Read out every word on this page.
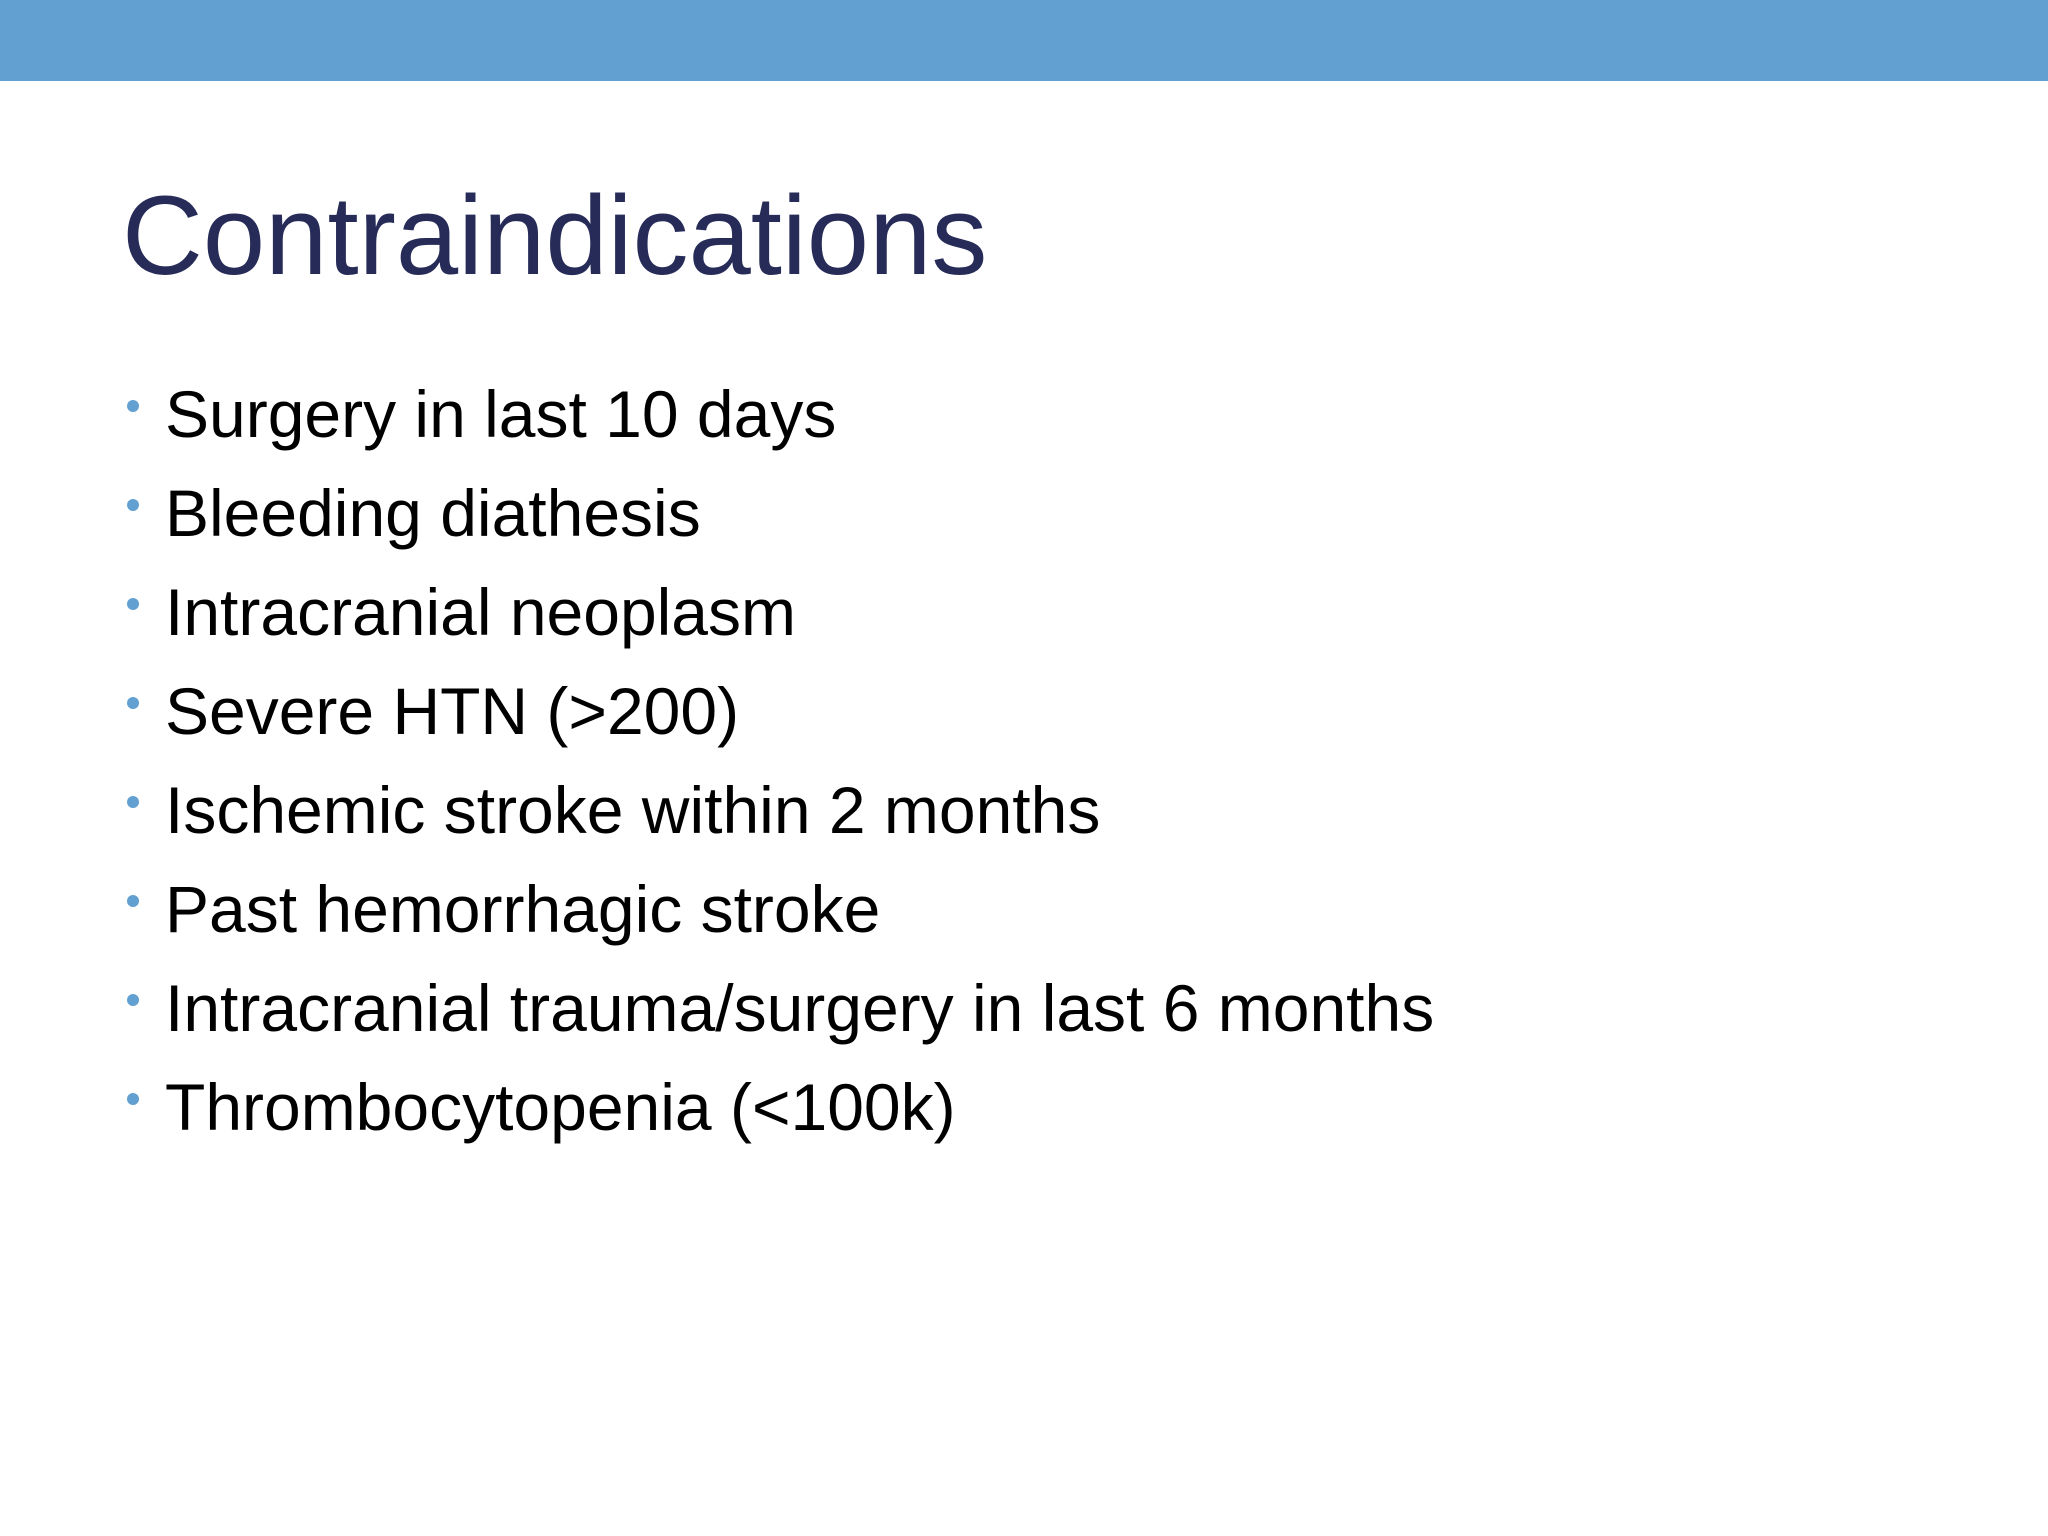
Contraindications
Surgery in last 10 days
Bleeding diathesis
Intracranial neoplasm
Severe HTN (>200)
Ischemic stroke within 2 months
Past hemorrhagic stroke
Intracranial trauma/surgery in last 6 months
Thrombocytopenia (<100k)
